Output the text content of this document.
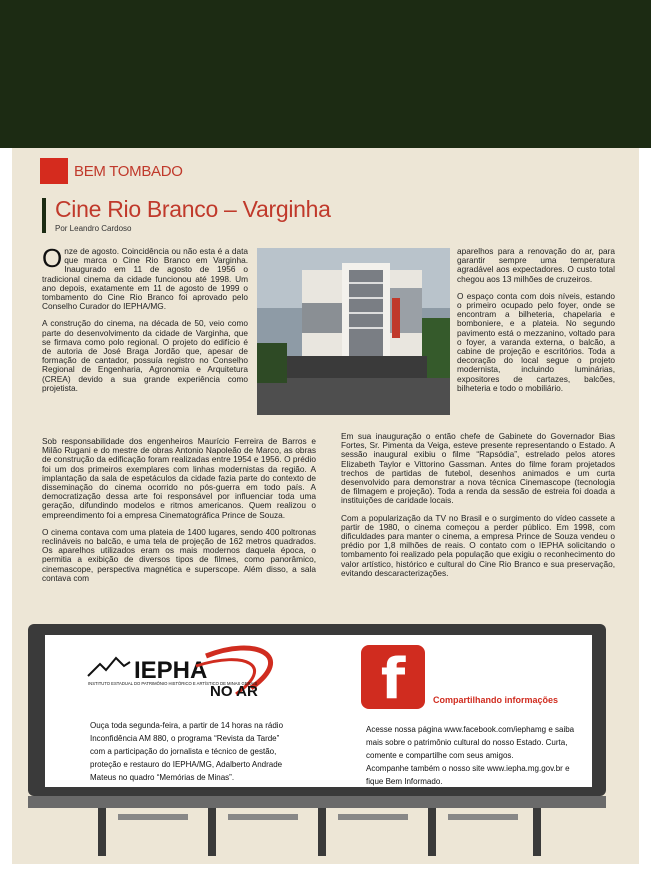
BEM TOMBADO
Cine Rio Branco – Varginha
Por Leandro Cardoso

Onze de agosto. Coincidência ou não esta é a data que marca o Cine Rio Branco em Varginha. Inaugurado em 11 de agosto de 1956 o tradicional cinema da cidade funcionou até 1998. Um ano depois, exatamente em 11 de agosto de 1999 o tombamento do Cine Rio Branco foi aprovado pelo Conselho Curador do IEPHA/MG.

A construção do cinema, na década de 50, veio como parte do desenvolvimento da cidade de Varginha, que se firmava como polo regional. O projeto do edifício é de autoria de José Braga Jordão que, apesar de formação de cantador, possuía registro no Conselho Regional de Engenharia, Agronomia e Arquitetura (CREA) devido a sua grande experiência como projetista.

aparelhos para a renovação do ar, para garantir sempre uma temperatura agradável aos expectadores. O custo total chegou aos 13 milhões de cruzeiros.

O espaço conta com dois níveis, estando o primeiro ocupado pelo foyer, onde se encontram a bilheteria, chapelaria e bomboniere, e a plateia. No segundo pavimento está o mezzanino, voltado para o foyer, a varanda externa, o balcão, a cabine de projeção e escritórios. Toda a decoração do local segue o projeto modernista, incluindo luminárias, expositores de cartazes, balcões, bilheteria e todo o mobiliário.

Sob responsabilidade dos engenheiros Maurício Ferreira de Barros e Milão Rugani e do mestre de obras Antonio Napoleão de Marco, as obras de construção da edificação foram realizadas entre 1954 e 1956. O prédio foi um dos primeiros exemplares com linhas modernistas da região. A implantação da sala de espetáculos da cidade fazia parte do contexto de disseminação do cinema ocorrido no pós-guerra em todo país. A democratização dessa arte foi responsável por influenciar toda uma geração, difundindo modelos e ritmos americanos. Quem realizou o empreendimento foi a empresa Cinematográfica Prince de Souza.

O cinema contava com uma plateia de 1400 lugares, sendo 400 poltronas reclináveis no balcão, e uma tela de projeção de 162 metros quadrados. Os aparelhos utilizados eram os mais modernos daquela época, o permitia a exibição de diversos tipos de filmes, como panorâmico, cinemascope, perspectiva magnética e superscope. Além disso, a sala contava com

Em sua inauguração o então chefe de Gabinete do Governador Bias Fortes, Sr. Pimenta da Veiga, esteve presente representando o Estado. A sessão inaugural exibiu o filme “Rapsódia”, estrelado pelos atores Elizabeth Taylor e Vittorino Gassman. Antes do filme foram projetados trechos de partidas de futebol, desenhos animados e um curta desenvolvido para demonstrar a nova técnica Cinemascope (tecnologia de filmagem e projeção). Toda a renda da sessão de estreia foi doada a instituições de caridade locais.

Com a popularização da TV no Brasil e o surgimento do vídeo cassete a partir de 1980, o cinema começou a perder público. Em 1998, com dificuldades para manter o cinema, a empresa Prince de Souza vendeu o prédio por 1,8 milhões de reais. O contato com o IEPHA solicitando o tombamento foi realizado pela população que exigiu o reconhecimento do valor artístico, histórico e cultural do Cine Rio Branco e sua preservação, evitando descaracterizações.

IEPHA
INSTITUTO ESTADUAL DO PATRIMÔNIO HISTÓRICO E ARTÍSTICO DE MINAS GERAIS
NO AR
Ouça toda segunda-feira, a partir de 14 horas na rádio Inconfidência AM 880, o programa “Revista da Tarde” com a participação do jornalista e técnico de gestão, proteção e restauro do IEPHA/MG, Adalberto Andrade Mateus no quadro “Memórias de Minas”.
f	Compartilhando informações
Acesse nossa página www.facebook.com/iephamg e saiba mais sobre o patrimônio cultural do nosso Estado. Curta, comente e compartilhe com seus amigos.
Acompanhe também o nosso site www.iepha.mg.gov.br e fique Bem Informado.
